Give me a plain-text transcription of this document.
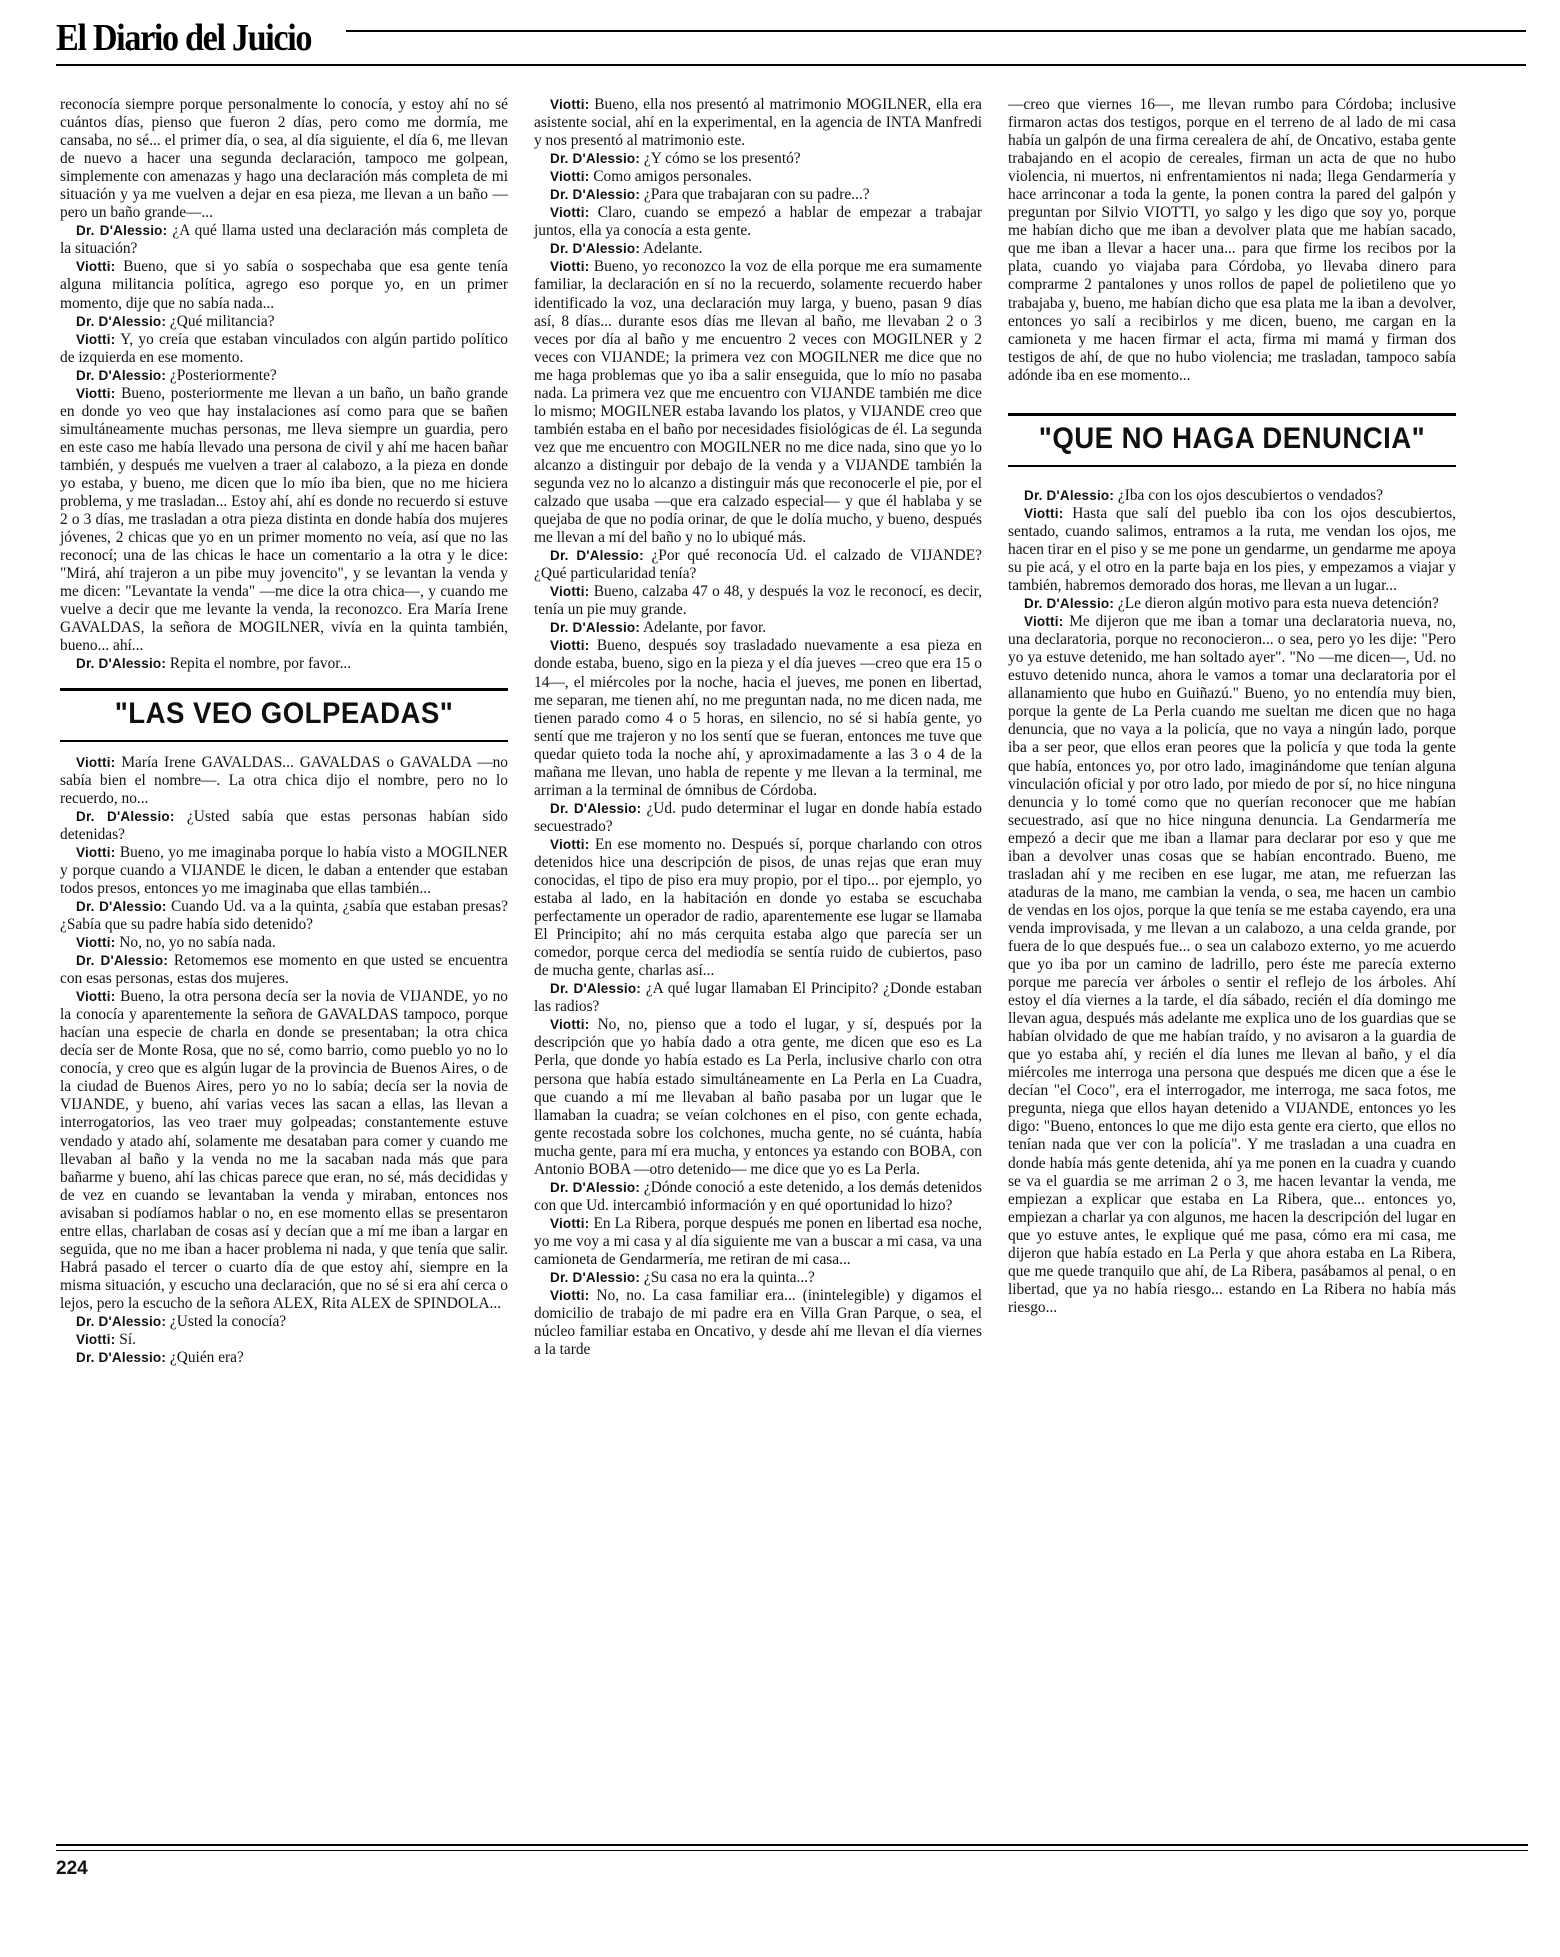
El Diario del Juicio

reconocía siempre porque personalmente lo conocía, y estoy ahí no sé cuántos días, pienso que fueron 2 días, pero como me dormía, me cansaba, no sé... el primer día, o sea, al día siguiente, el día 6, me llevan de nuevo a hacer una segunda declaración, tampoco me golpean, simplemente con amenazas y hago una declaración más completa de mi situación y ya me vuelven a dejar en esa pieza, me llevan a un baño —pero un baño grande—...

Dr. D'Alessio: ¿A qué llama usted una declaración más completa de la situación?

Viotti: Bueno, que si yo sabía o sospechaba que esa gente tenía alguna militancia política, agrego eso porque yo, en un primer momento, dije que no sabía nada...

Dr. D'Alessio: ¿Qué militancia?

Viotti: Y, yo creía que estaban vinculados con algún partido político de izquierda en ese momento.

Dr. D'Alessio: ¿Posteriormente?

Viotti: Bueno, posteriormente me llevan a un baño, un baño grande en donde yo veo que hay instalaciones así como para que se bañen simultáneamente muchas personas, me lleva siempre un guardia, pero en este caso me había llevado una persona de civil y ahí me hacen bañar también, y después me vuelven a traer al calabozo, a la pieza en donde yo estaba, y bueno, me dicen que lo mío iba bien, que no me hiciera problema, y me trasladan... Estoy ahí, ahí es donde no recuerdo si estuve 2 o 3 días, me trasladan a otra pieza distinta en donde había dos mujeres jóvenes, 2 chicas que yo en un primer momento no veía, así que no las reconocí; una de las chicas le hace un comentario a la otra y le dice: "Mirá, ahí trajeron a un pibe muy jovencito", y se levantan la venda y me dicen: "Levantate la venda" —me dice la otra chica—, y cuando me vuelve a decir que me levante la venda, la reconozco. Era María Irene GAVALDAS, la señora de MOGILNER, vivía en la quinta también, bueno... ahí...

Dr. D'Alessio: Repita el nombre, por favor...

"LAS VEO GOLPEADAS"

Viotti: María Irene GAVALDAS... GAVALDAS o GAVALDA —no sabía bien el nombre—. La otra chica dijo el nombre, pero no lo recuerdo, no...

Dr. D'Alessio: ¿Usted sabía que estas personas habían sido detenidas?

Viotti: Bueno, yo me imaginaba porque lo había visto a MOGILNER y porque cuando a VIJANDE le dicen, le daban a entender que estaban todos presos, entonces yo me imaginaba que ellas también...

Dr. D'Alessio: Cuando Ud. va a la quinta, ¿sabía que estaban presas? ¿Sabía que su padre había sido detenido?

Viotti: No, no, yo no sabía nada.

Dr. D'Alessio: Retomemos ese momento en que usted se encuentra con esas personas, estas dos mujeres.

Viotti: Bueno, la otra persona decía ser la novia de VIJANDE, yo no la conocía y aparentemente la señora de GAVALDAS tampoco, porque hacían una especie de charla en donde se presentaban; la otra chica decía ser de Monte Rosa, que no sé, como barrio, como pueblo yo no lo conocía, y creo que es algún lugar de la provincia de Buenos Aires, o de la ciudad de Buenos Aires, pero yo no lo sabía; decía ser la novia de VIJANDE, y bueno, ahí varias veces las sacan a ellas, las llevan a interrogatorios, las veo traer muy golpeadas; constantemente estuve vendado y atado ahí, solamente me desataban para comer y cuando me llevaban al baño y la venda no me la sacaban nada más que para bañarme y bueno, ahí las chicas parece que eran, no sé, más decididas y de vez en cuando se levantaban la venda y miraban, entonces nos avisaban si podíamos hablar o no, en ese momento ellas se presentaron entre ellas, charlaban de cosas así y decían que a mí me iban a largar en seguida, que no me iban a hacer problema ni nada, y que tenía que salir. Habrá pasado el tercer o cuarto día de que estoy ahí, siempre en la misma situación, y escucho una declaración, que no sé si era ahí cerca o lejos, pero la escucho de la señora ALEX, Rita ALEX de SPINDOLA...

Dr. D'Alessio: ¿Usted la conocía?

Viotti: Sí.

Dr. D'Alessio: ¿Quién era?

Viotti: Bueno, ella nos presentó al matrimonio MOGILNER, ella era asistente social, ahí en la experimental, en la agencia de INTA Manfredi y nos presentó al matrimonio este.

Dr. D'Alessio: ¿Y cómo se los presentó?

Viotti: Como amigos personales.

Dr. D'Alessio: ¿Para que trabajaran con su padre...?

Viotti: Claro, cuando se empezó a hablar de empezar a trabajar juntos, ella ya conocía a esta gente.

Dr. D'Alessio: Adelante.

Viotti: Bueno, yo reconozco la voz de ella porque me era sumamente familiar, la declaración en sí no la recuerdo, solamente recuerdo haber identificado la voz, una declaración muy larga, y bueno, pasan 9 días así, 8 días... durante esos días me llevan al baño, me llevaban 2 o 3 veces por día al baño y me encuentro 2 veces con MOGILNER y 2 veces con VIJANDE; la primera vez con MOGILNER me dice que no me haga problemas que yo iba a salir enseguida, que lo mío no pasaba nada. La primera vez que me encuentro con VIJANDE también me dice lo mismo; MOGILNER estaba lavando los platos, y VIJANDE creo que también estaba en el baño por necesidades fisiológicas de él. La segunda vez que me encuentro con MOGILNER no me dice nada, sino que yo lo alcanzo a distinguir por debajo de la venda y a VIJANDE también la segunda vez no lo alcanzo a distinguir más que reconocerle el pie, por el calzado que usaba —que era calzado especial— y que él hablaba y se quejaba de que no podía orinar, de que le dolía mucho, y bueno, después me llevan a mí del baño y no lo ubiqué más.

Dr. D'Alessio: ¿Por qué reconocía Ud. el calzado de VIJANDE? ¿Qué particularidad tenía?

Viotti: Bueno, calzaba 47 o 48, y después la voz le reconocí, es decir, tenía un pie muy grande.

Dr. D'Alessio: Adelante, por favor.

Viotti: Bueno, después soy trasladado nuevamente a esa pieza en donde estaba, bueno, sigo en la pieza y el día jueves —creo que era 15 o 14—, el miércoles por la noche, hacia el jueves, me ponen en libertad, me separan, me tienen ahí, no me preguntan nada, no me dicen nada, me tienen parado como 4 o 5 horas, en silencio, no sé si había gente, yo sentí que me trajeron y no los sentí que se fueran, entonces me tuve que quedar quieto toda la noche ahí, y aproximadamente a las 3 o 4 de la mañana me llevan, uno habla de repente y me llevan a la terminal, me arriman a la terminal de ómnibus de Córdoba.

Dr. D'Alessio: ¿Ud. pudo determinar el lugar en donde había estado secuestrado?

Viotti: En ese momento no. Después sí, porque charlando con otros detenidos hice una descripción de pisos, de unas rejas que eran muy conocidas, el tipo de piso era muy propio, por el tipo... por ejemplo, yo estaba al lado, en la habitación en donde yo estaba se escuchaba perfectamente un operador de radio, aparentemente ese lugar se llamaba El Principito; ahí no más cerquita estaba algo que parecía ser un comedor, porque cerca del mediodía se sentía ruido de cubiertos, paso de mucha gente, charlas así...

Dr. D'Alessio: ¿A qué lugar llamaban El Principito? ¿Donde estaban las radios?

Viotti: No, no, pienso que a todo el lugar, y sí, después por la descripción que yo había dado a otra gente, me dicen que eso es La Perla, que donde yo había estado es La Perla, inclusive charlo con otra persona que había estado simultáneamente en La Perla en La Cuadra, que cuando a mí me llevaban al baño pasaba por un lugar que le llamaban la cuadra; se veían colchones en el piso, con gente echada, gente recostada sobre los colchones, mucha gente, no sé cuánta, había mucha gente, para mí era mucha, y entonces ya estando con BOBA, con Antonio BOBA —otro detenido— me dice que yo es La Perla.

Dr. D'Alessio: ¿Dónde conoció a este detenido, a los demás detenidos con que Ud. intercambió información y en qué oportunidad lo hizo?

Viotti: En La Ribera, porque después me ponen en libertad esa noche, yo me voy a mi casa y al día siguiente me van a buscar a mi casa, va una camioneta de Gendarmería, me retiran de mi casa...

Dr. D'Alessio: ¿Su casa no era la quinta...?

Viotti: No, no. La casa familiar era... (inintelegible) y digamos el domicilio de trabajo de mi padre era en Villa Gran Parque, o sea, el núcleo familiar estaba en Oncativo, y desde ahí me llevan el día viernes a la tarde

—creo que viernes 16—, me llevan rumbo para Córdoba; inclusive firmaron actas dos testigos, porque en el terreno de al lado de mi casa había un galpón de una firma cerealera de ahí, de Oncativo, estaba gente trabajando en el acopio de cereales, firman un acta de que no hubo violencia, ni muertos, ni enfrentamientos ni nada; llega Gendarmería y hace arrinconar a toda la gente, la ponen contra la pared del galpón y preguntan por Silvio VIOTTI, yo salgo y les digo que soy yo, porque me habían dicho que me iban a devolver plata que me habían sacado, que me iban a llevar a hacer una... para que firme los recibos por la plata, cuando yo viajaba para Córdoba, yo llevaba dinero para comprarme 2 pantalones y unos rollos de papel de polietileno que yo trabajaba y, bueno, me habían dicho que esa plata me la iban a devolver, entonces yo salí a recibirlos y me dicen, bueno, me cargan en la camioneta y me hacen firmar el acta, firma mi mamá y firman dos testigos de ahí, de que no hubo violencia; me trasladan, tampoco sabía adónde iba en ese momento...

"QUE NO HAGA DENUNCIA"

Dr. D'Alessio: ¿Iba con los ojos descubiertos o vendados?

Viotti: Hasta que salí del pueblo iba con los ojos descubiertos, sentado, cuando salimos, entramos a la ruta, me vendan los ojos, me hacen tirar en el piso y se me pone un gendarme, un gendarme me apoya su pie acá, y el otro en la parte baja en los pies, y empezamos a viajar y también, habremos demorado dos horas, me llevan a un lugar...

Dr. D'Alessio: ¿Le dieron algún motivo para esta nueva detención?

Viotti: Me dijeron que me iban a tomar una declaratoria nueva, no, una declaratoria, porque no reconocieron... o sea, pero yo les dije: "Pero yo ya estuve detenido, me han soltado ayer". "No —me dicen—, Ud. no estuvo detenido nunca, ahora le vamos a tomar una declaratoria por el allanamiento que hubo en Guiñazú." Bueno, yo no entendía muy bien, porque la gente de La Perla cuando me sueltan me dicen que no haga denuncia, que no vaya a la policía, que no vaya a ningún lado, porque iba a ser peor, que ellos eran peores que la policía y que toda la gente que había, entonces yo, por otro lado, imaginándome que tenían alguna vinculación oficial y por otro lado, por miedo de por sí, no hice ninguna denuncia y lo tomé como que no querían reconocer que me habían secuestrado, así que no hice ninguna denuncia. La Gendarmería me empezó a decir que me iban a llamar para declarar por eso y que me iban a devolver unas cosas que se habían encontrado. Bueno, me trasladan ahí y me reciben en ese lugar, me atan, me refuerzan las ataduras de la mano, me cambian la venda, o sea, me hacen un cambio de vendas en los ojos, porque la que tenía se me estaba cayendo, era una venda improvisada, y me llevan a un calabozo, a una celda grande, por fuera de lo que después fue... o sea un calabozo externo, yo me acuerdo que yo iba por un camino de ladrillo, pero éste me parecía externo porque me parecía ver árboles o sentir el reflejo de los árboles. Ahí estoy el día viernes a la tarde, el día sábado, recién el día domingo me llevan agua, después más adelante me explica uno de los guardias que se habían olvidado de que me habían traído, y no avisaron a la guardia de que yo estaba ahí, y recién el día lunes me llevan al baño, y el día miércoles me interroga una persona que después me dicen que a ése le decían "el Coco", era el interrogador, me interroga, me saca fotos, me pregunta, niega que ellos hayan detenido a VIJANDE, entonces yo les digo: "Bueno, entonces lo que me dijo esta gente era cierto, que ellos no tenían nada que ver con la policía". Y me trasladan a una cuadra en donde había más gente detenida, ahí ya me ponen en la cuadra y cuando se va el guardia se me arriman 2 o 3, me hacen levantar la venda, me empiezan a explicar que estaba en La Ribera, que... entonces yo, empiezan a charlar ya con algunos, me hacen la descripción del lugar en que yo estuve antes, le explique qué me pasa, cómo era mi casa, me dijeron que había estado en La Perla y que ahora estaba en La Ribera, que me quede tranquilo que ahí, de La Ribera, pasábamos al penal, o en libertad, que ya no había riesgo... estando en La Ribera no había más riesgo...

224
